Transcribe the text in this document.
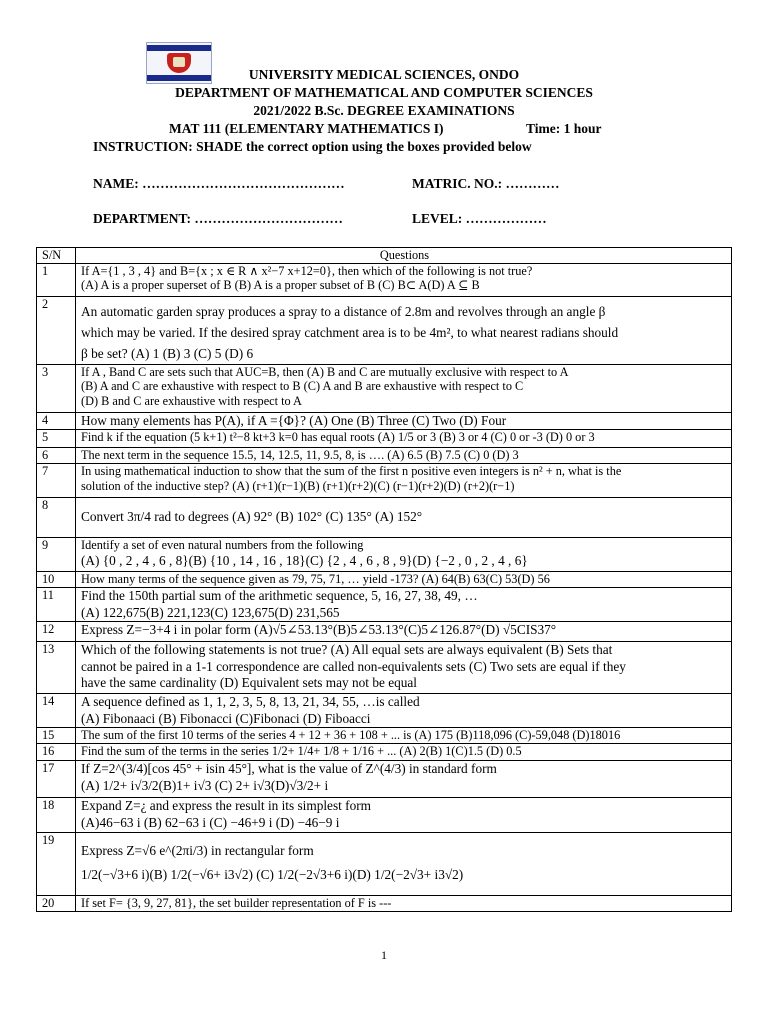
UNIVERSITY MEDICAL SCIENCES, ONDO
DEPARTMENT OF MATHEMATICAL AND COMPUTER SCIENCES
2021/2022 B.Sc. DEGREE EXAMINATIONS
MAT 111 (ELEMENTARY MATHEMATICS I)	Time: 1 hour
INSTRUCTION: SHADE the correct option using the boxes provided below
NAME: ………………………………………	MATRIC. NO.: …………
DEPARTMENT: ……………………………	LEVEL: ………………
S/N	Questions
1	If A={1 , 3 , 4} and B={x ; x ∈ R ∧ x²−7 x+12=0}, then which of the following is not true?
(A) A is a proper superset of B (B) A is a proper subset of B (C) B⊂ A(D) A ⊆ B

2	An automatic garden spray produces a spray to a distance of 2.8m and revolves through an angle β
which may be varied. If the desired spray catchment area is to be 4m², to what nearest radians should
β be set? (A) 1 (B) 3 (C) 5 (D) 6

3	If A , Band C are sets such that AUC=B, then (A) B and C are mutually exclusive with respect to A
(B) A and C are exhaustive with respect to B (C) A and B are exhaustive with respect to C
(D) B and C are exhaustive with respect to A

4	How many elements has P(A), if A ={Φ}? (A) One (B) Three (C) Two (D) Four

5	Find k if the equation (5 k+1) t²−8 kt+3 k=0 has equal roots (A) 1/5 or 3 (B) 3 or 4 (C) 0 or -3 (D) 0 or 3

6	The next term in the sequence 15.5, 14, 12.5, 11, 9.5, 8, is …. (A) 6.5 (B) 7.5 (C) 0 (D) 3

7	In using mathematical induction to show that the sum of the first n positive even integers is n² + n, what is the
solution of the inductive step? (A) (r+1)(r−1)(B) (r+1)(r+2)(C) (r−1)(r+2)(D) (r+2)(r−1)

8	Convert 3π/4 rad to degrees (A) 92° (B) 102° (C) 135° (A) 152°

9	Identify a set of even natural numbers from the following
(A) {0 , 2 , 4 , 6 , 8}(B) {10 , 14 , 16 , 18}(C) {2 , 4 , 6 , 8 , 9}(D) {−2 , 0 , 2 , 4 , 6}

10	How many terms of the sequence given as 79, 75, 71, … yield -173? (A) 64(B) 63(C) 53(D) 56

11	Find the 150th partial sum of the arithmetic sequence, 5, 16, 27, 38, 49, …
(A) 122,675(B) 221,123(C) 123,675(D) 231,565

12	Express Z=−3+4 i in polar form (A)√5∠53.13°(B)5∠53.13°(C)5∠126.87°(D) √5CIS37°

13	Which of the following statements is not true? (A) All equal sets are always equivalent (B) Sets that
cannot be paired in a 1-1 correspondence are called non-equivalents sets (C) Two sets are equal if they
have the same cardinality (D) Equivalent sets may not be equal

14	A sequence defined as 1, 1, 2, 3, 5, 8, 13, 21, 34, 55, …is called
(A) Fibonaaci (B) Fibonacci (C)Fibonaci (D) Fiboacci

15	The sum of the first 10 terms of the series 4 + 12 + 36 + 108 + ... is (A) 175 (B)118,096 (C)-59,048 (D)18016

16	Find the sum of the terms in the series 1/2+ 1/4+ 1/8 + 1/16 + ... (A) 2(B) 1(C)1.5 (D) 0.5

17	If Z=2^(3/4)[cos 45° + isin 45°], what is the value of Z^(4/3) in standard form
(A) 1/2+ i√3/2(B)1+ i√3 (C) 2+ i√3(D)√3/2+ i

18	Expand Z=¿ and express the result in its simplest form
(A)46−63 i (B) 62−63 i (C) −46+9 i (D) −46−9 i

19	Express Z=√6 e^(2πi/3) in rectangular form
1/2(−√3+6 i)(B) 1/2(−√6+ i3√2) (C) 1/2(−2√3+6 i)(D) 1/2(−2√3+ i3√2)

20	If set F= {3, 9, 27, 81}, the set builder representation of F is ---
1
